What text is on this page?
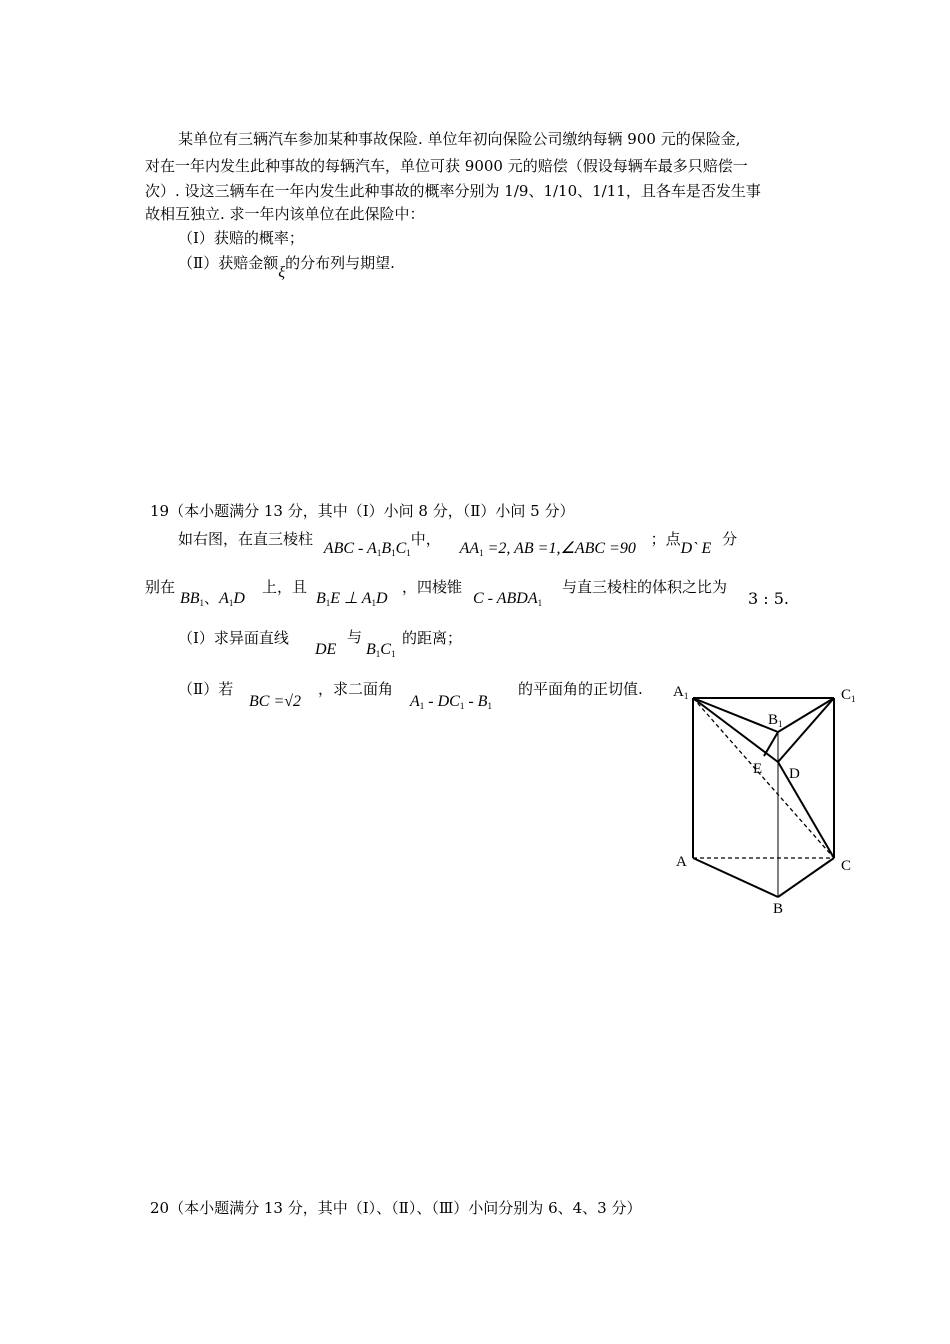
某单位有三辆汽车参加某种事故保险. 单位年初向保险公司缴纳每辆 900 元的保险金,
对在一年内发生此种事故的每辆汽车，单位可获 9000 元的赔偿（假设每辆车最多只赔偿一
次）. 设这三辆车在一年内发生此种事故的概率分别为 1/9、1/10、1/11，且各车是否发生事
故相互独立. 求一年内该单位在此保险中：
（Ⅰ）获赔的概率；
（Ⅱ）获赔金额ξ的分布列与期望.
19（本小题满分 13 分，其中（Ⅰ）小问 8 分，（Ⅱ）小问 5 分）
如右图，在直三棱柱 ABC - $A_1B_1C_1$中， $AA_1 =2$, AB =1,∠ABC =90 ；点D` E 分
别在

$BB_1$、$A_1D$
上，且
$B_1E$ ⊥ $A_1D$
，四棱锥
C - $ABDA_1$
与直三棱柱的体积之比为
3 : 5.
（Ⅰ）求异面直线
DE
与
$B_1C_1$
的距离；
（Ⅱ）若
BC =√2
，求二面角
$A_1 - DC_1 - B_1$
的平面角的正切值. $A_1$	$C_1$
$B_1$
E D
A	C
B
20（本小题满分 13 分，其中（Ⅰ）、（Ⅱ）、（Ⅲ）小问分别为 6、4、3 分）
